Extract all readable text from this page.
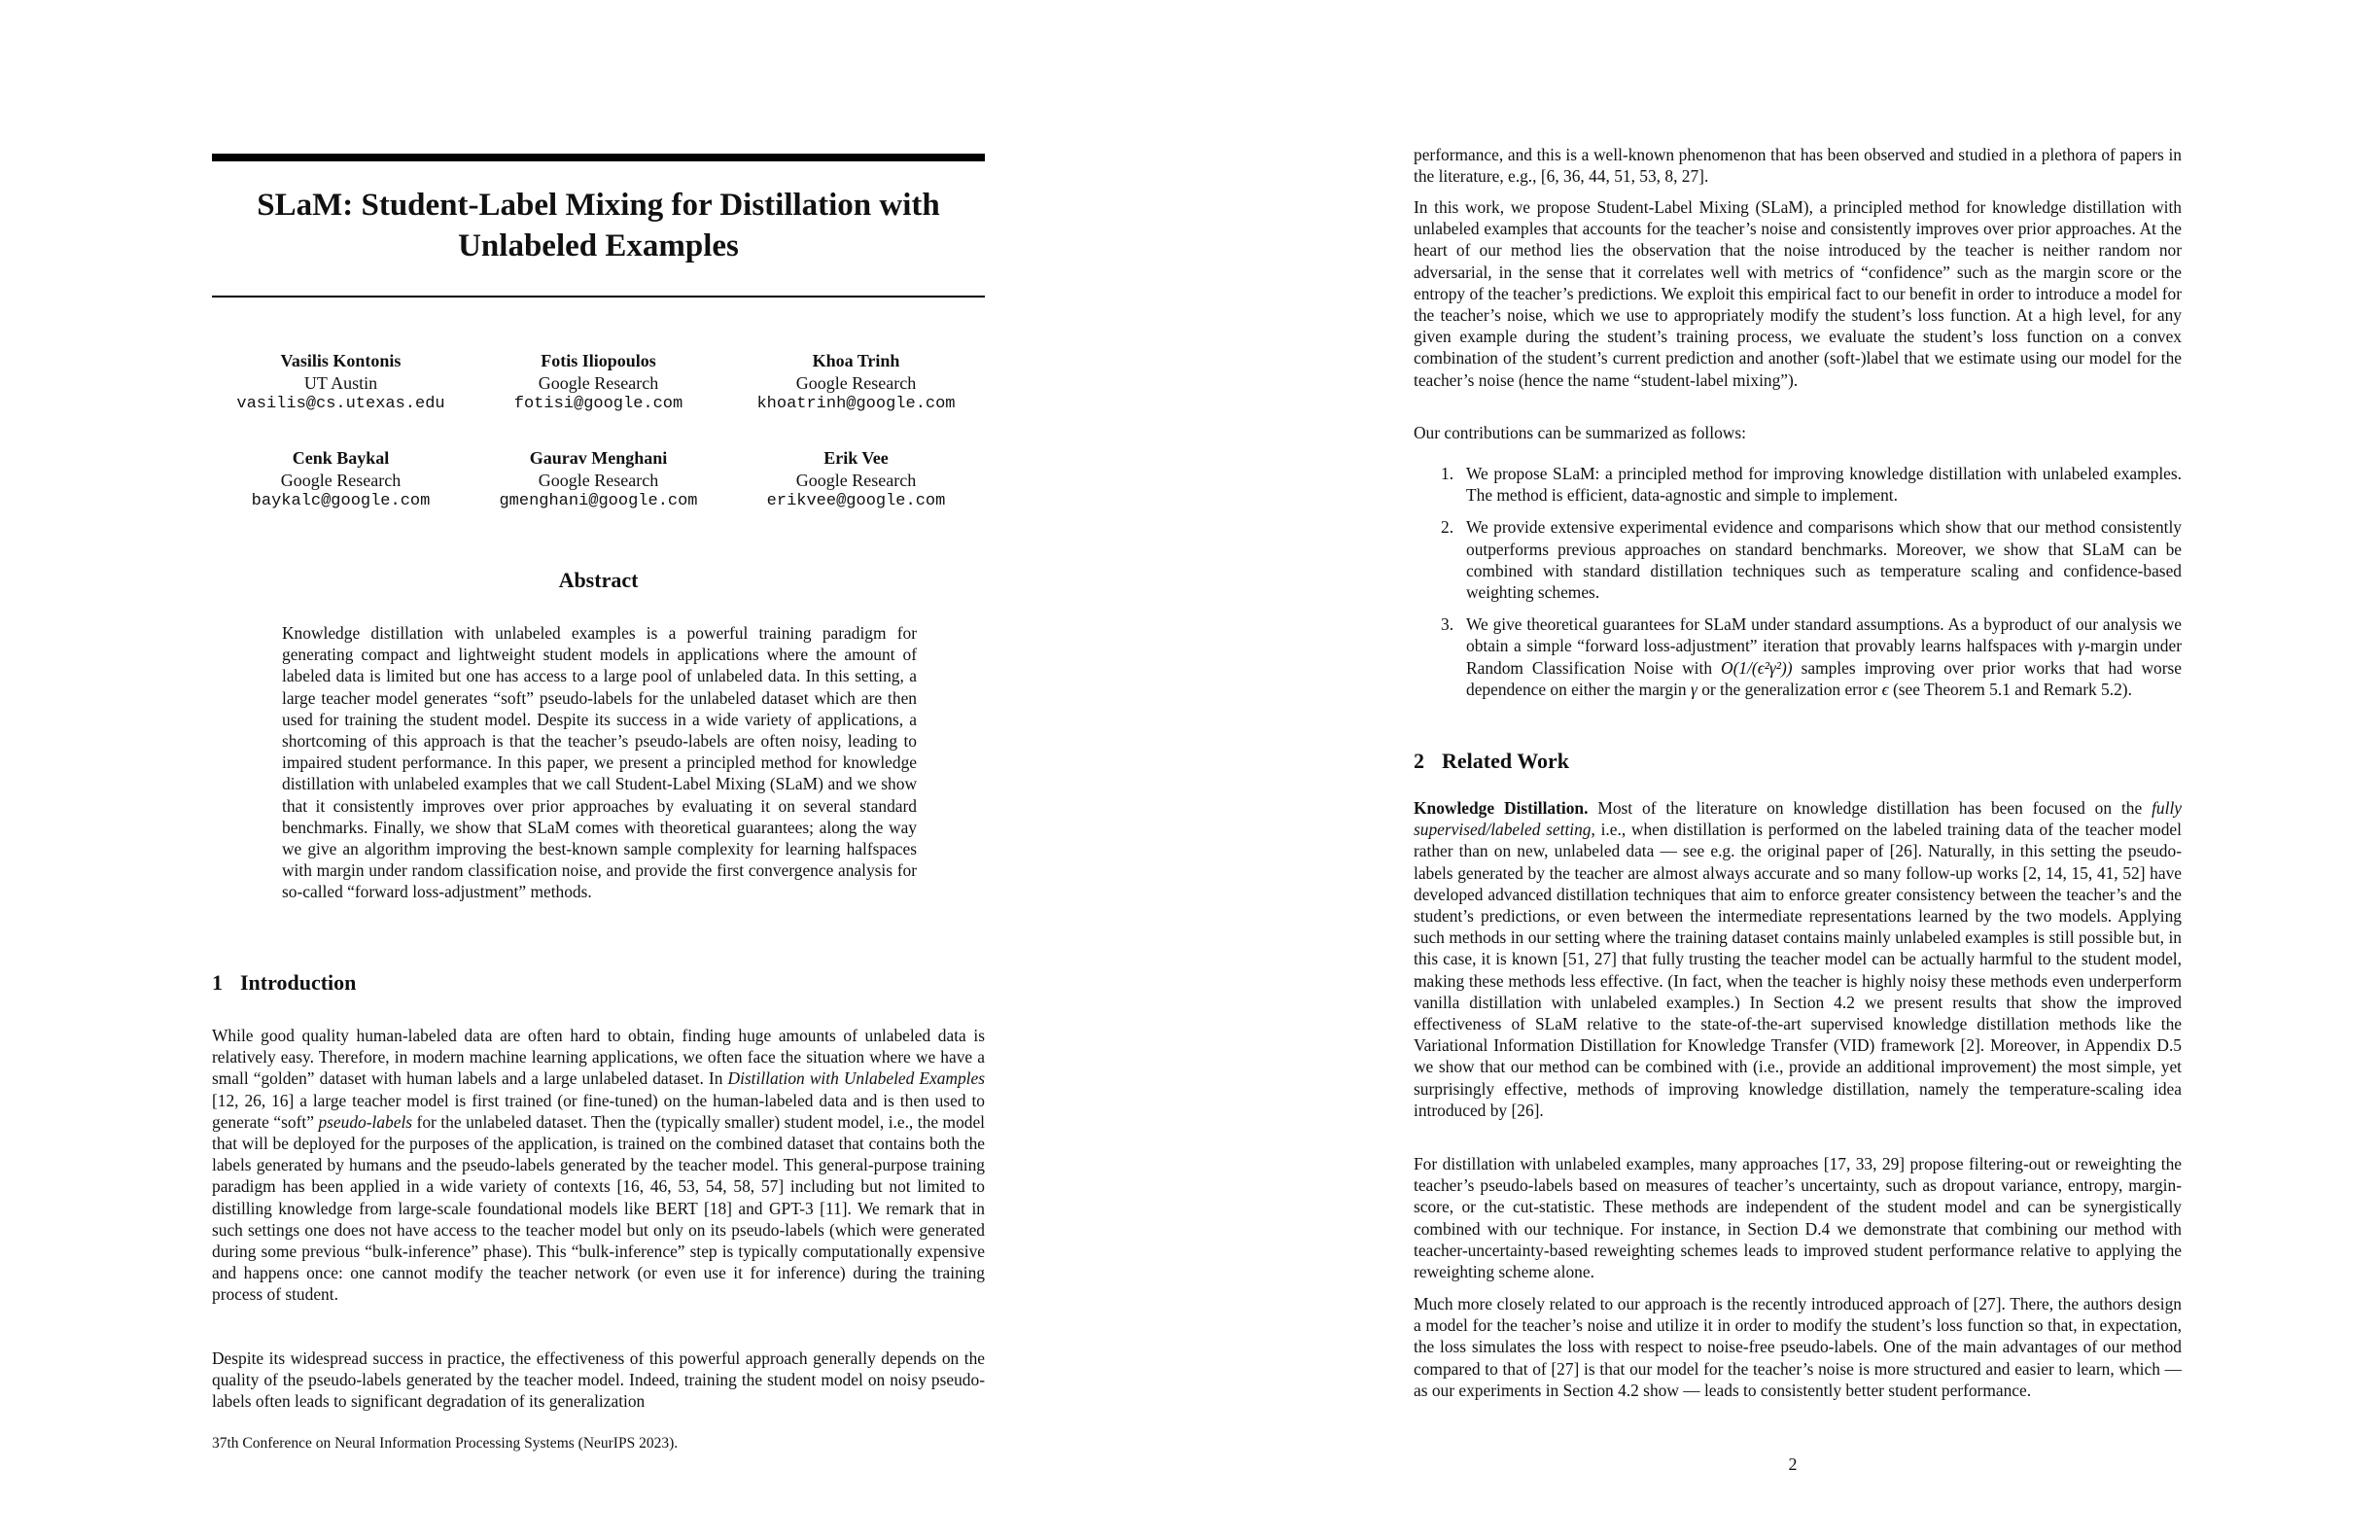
SLaM: Student-Label Mixing for Distillation with
Unlabeled Examples
Vasilis Kontonis
UT Austin
vasilis@cs.utexas.edu
Fotis Iliopoulos
Google Research
fotisi@google.com
Khoa Trinh
Google Research
khoatrinh@google.com
Cenk Baykal
Google Research
baykalc@google.com
Gaurav Menghani
Google Research
gmenghani@google.com
Erik Vee
Google Research
erikvee@google.com
Abstract

Knowledge distillation with unlabeled examples is a powerful training paradigm for generating compact and lightweight student models in applications where the amount of labeled data is limited but one has access to a large pool of unlabeled data. In this setting, a large teacher model generates “soft” pseudo-labels for the unlabeled dataset which are then used for training the student model. Despite its success in a wide variety of applications, a shortcoming of this approach is that the teacher’s pseudo-labels are often noisy, leading to impaired student performance. In this paper, we present a principled method for knowledge distillation with unlabeled examples that we call Student-Label Mixing (SLaM) and we show that it consistently improves over prior approaches by evaluating it on several standard benchmarks. Finally, we show that SLaM comes with theoretical guarantees; along the way we give an algorithm improving the best-known sample complexity for learning halfspaces with margin under random classification noise, and provide the first convergence analysis for so-called “forward loss-adjustment” methods.

1 Introduction

While good quality human-labeled data are often hard to obtain, finding huge amounts of unlabeled data is relatively easy. Therefore, in modern machine learning applications, we often face the situation where we have a small “golden” dataset with human labels and a large unlabeled dataset. In Distillation with Unlabeled Examples [12, 26, 16] a large teacher model is first trained (or fine-tuned) on the human-labeled data and is then used to generate “soft” pseudo-labels for the unlabeled dataset. Then the (typically smaller) student model, i.e., the model that will be deployed for the purposes of the application, is trained on the combined dataset that contains both the labels generated by humans and the pseudo-labels generated by the teacher model. This general-purpose training paradigm has been applied in a wide variety of contexts [16, 46, 53, 54, 58, 57] including but not limited to distilling knowledge from large-scale foundational models like BERT [18] and GPT-3 [11]. We remark that in such settings one does not have access to the teacher model but only on its pseudo-labels (which were generated during some previous “bulk-inference” phase). This “bulk-inference” step is typically computationally expensive and happens once: one cannot modify the teacher network (or even use it for inference) during the training process of student.

Despite its widespread success in practice, the effectiveness of this powerful approach generally depends on the quality of the pseudo-labels generated by the teacher model. Indeed, training the student model on noisy pseudo-labels often leads to significant degradation of its generalization

37th Conference on Neural Information Processing Systems (NeurIPS 2023).

performance, and this is a well-known phenomenon that has been observed and studied in a plethora of papers in the literature, e.g., [6, 36, 44, 51, 53, 8, 27].

In this work, we propose Student-Label Mixing (SLaM), a principled method for knowledge distillation with unlabeled examples that accounts for the teacher’s noise and consistently improves over prior approaches. At the heart of our method lies the observation that the noise introduced by the teacher is neither random nor adversarial, in the sense that it correlates well with metrics of “confidence” such as the margin score or the entropy of the teacher’s predictions. We exploit this empirical fact to our benefit in order to introduce a model for the teacher’s noise, which we use to appropriately modify the student’s loss function. At a high level, for any given example during the student’s training process, we evaluate the student’s loss function on a convex combination of the student’s current prediction and another (soft-)label that we estimate using our model for the teacher’s noise (hence the name “student-label mixing”).

Our contributions can be summarized as follows:

1. We propose SLaM: a principled method for improving knowledge distillation with unlabeled examples. The method is efficient, data-agnostic and simple to implement.
2. We provide extensive experimental evidence and comparisons which show that our method consistently outperforms previous approaches on standard benchmarks. Moreover, we show that SLaM can be combined with standard distillation techniques such as temperature scaling and confidence-based weighting schemes.
3. We give theoretical guarantees for SLaM under standard assumptions. As a byproduct of our analysis we obtain a simple “forward loss-adjustment” iteration that provably learns halfspaces with γ-margin under Random Classification Noise with O(1/(ϵ²γ²)) samples improving over prior works that had worse dependence on either the margin γ or the generalization error ϵ (see Theorem 5.1 and Remark 5.2).
2 Related Work

Knowledge Distillation. Most of the literature on knowledge distillation has been focused on the fully supervised/labeled setting, i.e., when distillation is performed on the labeled training data of the teacher model rather than on new, unlabeled data — see e.g. the original paper of [26]. Naturally, in this setting the pseudo-labels generated by the teacher are almost always accurate and so many follow-up works [2, 14, 15, 41, 52] have developed advanced distillation techniques that aim to enforce greater consistency between the teacher’s and the student’s predictions, or even between the intermediate representations learned by the two models. Applying such methods in our setting where the training dataset contains mainly unlabeled examples is still possible but, in this case, it is known [51, 27] that fully trusting the teacher model can be actually harmful to the student model, making these methods less effective. (In fact, when the teacher is highly noisy these methods even underperform vanilla distillation with unlabeled examples.) In Section 4.2 we present results that show the improved effectiveness of SLaM relative to the state-of-the-art supervised knowledge distillation methods like the Variational Information Distillation for Knowledge Transfer (VID) framework [2]. Moreover, in Appendix D.5 we show that our method can be combined with (i.e., provide an additional improvement) the most simple, yet surprisingly effective, methods of improving knowledge distillation, namely the temperature-scaling idea introduced by [26].

For distillation with unlabeled examples, many approaches [17, 33, 29] propose filtering-out or reweighting the teacher’s pseudo-labels based on measures of teacher’s uncertainty, such as dropout variance, entropy, margin-score, or the cut-statistic. These methods are independent of the student model and can be synergistically combined with our technique. For instance, in Section D.4 we demonstrate that combining our method with teacher-uncertainty-based reweighting schemes leads to improved student performance relative to applying the reweighting scheme alone.

Much more closely related to our approach is the recently introduced approach of [27]. There, the authors design a model for the teacher’s noise and utilize it in order to modify the student’s loss function so that, in expectation, the loss simulates the loss with respect to noise-free pseudo-labels. One of the main advantages of our method compared to that of [27] is that our model for the teacher’s noise is more structured and easier to learn, which — as our experiments in Section 4.2 show — leads to consistently better student performance.

2
